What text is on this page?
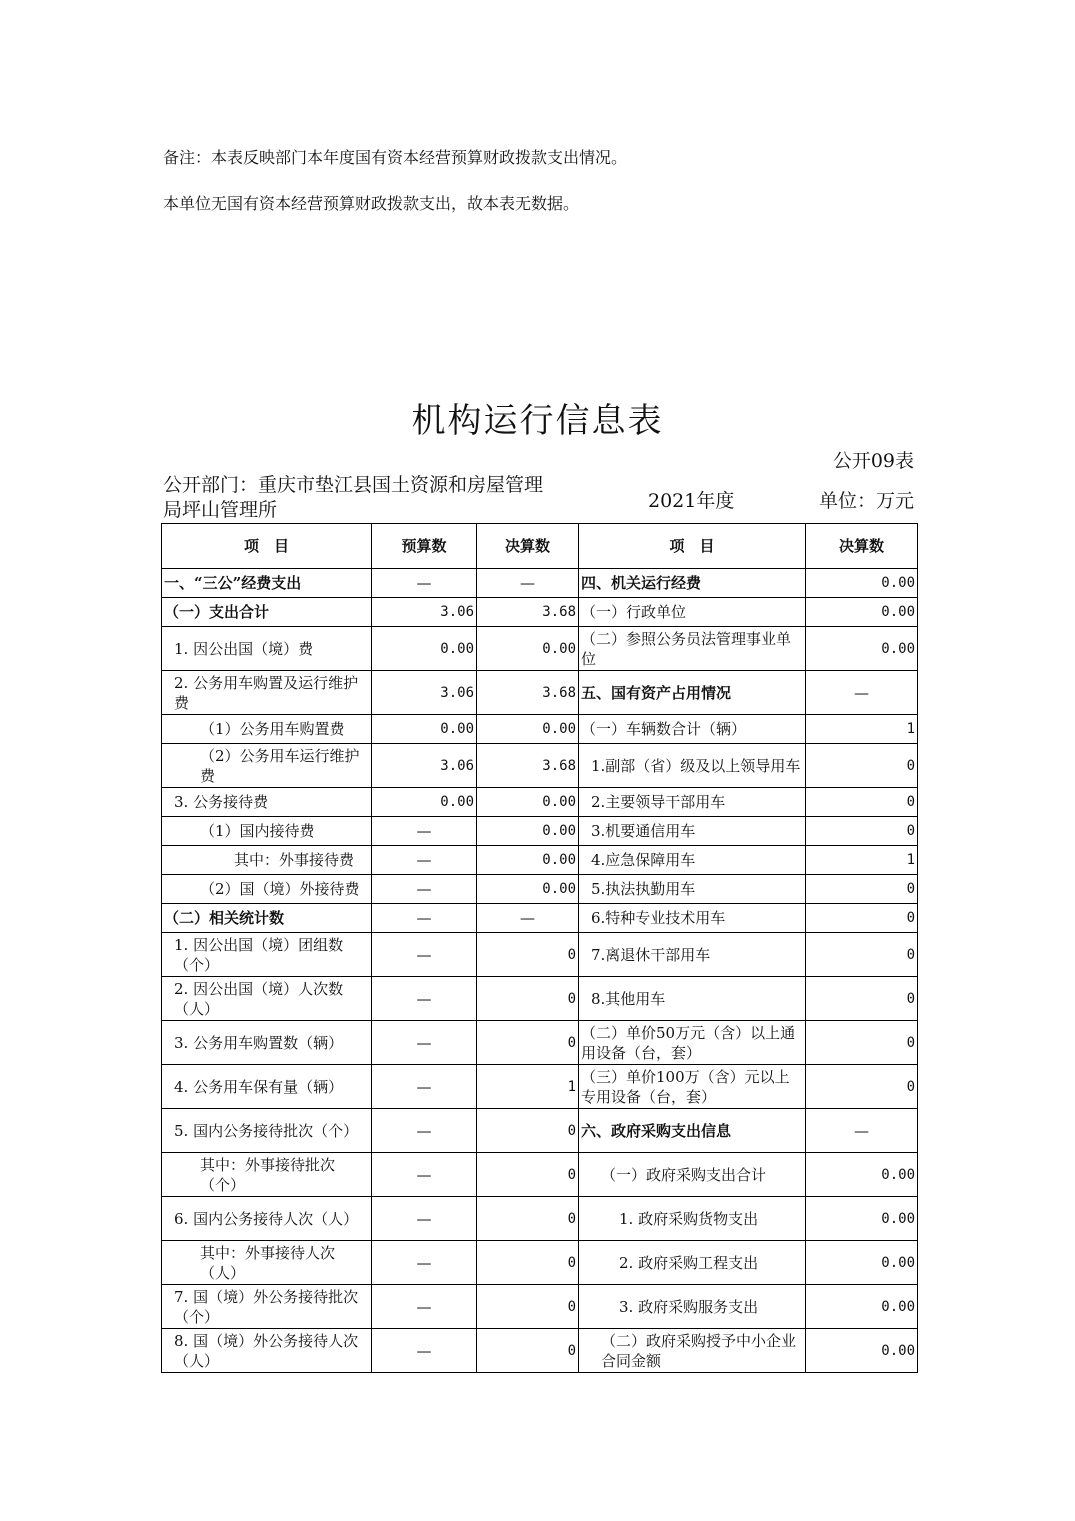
备注：本表反映部门本年度国有资本经营预算财政拨款支出情况。
本单位无国有资本经营预算财政拨款支出，故本表无数据。
机构运行信息表
公开09表
公开部门：重庆市垫江县国土资源和房屋管理局坪山管理所	2021年度	单位：万元
项　目	预算数	决算数	项　目	决算数
一、“三公”经费支出	—	—	四、机关运行经费	0.00
（一）支出合计	3.06	3.68	（一）行政单位	0.00
1. 因公出国（境）费	0.00	0.00	（二）参照公务员法管理事业单位	0.00
2. 公务用车购置及运行维护费	3.06	3.68	五、国有资产占用情况	—
（1）公务用车购置费	0.00	0.00	（一）车辆数合计（辆）	1
（2）公务用车运行维护费	3.06	3.68	1.副部（省）级及以上领导用车	0
3. 公务接待费	0.00	0.00	2.主要领导干部用车	0
（1）国内接待费	—	0.00	3.机要通信用车	0
其中：外事接待费	—	0.00	4.应急保障用车	1
（2）国（境）外接待费	—	0.00	5.执法执勤用车	0
（二）相关统计数	—	—	6.特种专业技术用车	0
1. 因公出国（境）团组数（个）	—	0	7.离退休干部用车	0
2. 因公出国（境）人次数（人）	—	0	8.其他用车	0
3. 公务用车购置数（辆）	—	0	（二）单价50万元（含）以上通用设备（台，套）	0
4. 公务用车保有量（辆）	—	1	（三）单价100万（含）元以上专用设备（台，套）	0
5. 国内公务接待批次（个）	—	0	六、政府采购支出信息	—
其中：外事接待批次（个）	—	0	（一）政府采购支出合计	0.00
6. 国内公务接待人次（人）	—	0	1. 政府采购货物支出	0.00
其中：外事接待人次（人）	—	0	2. 政府采购工程支出	0.00
7. 国（境）外公务接待批次（个）	—	0	3. 政府采购服务支出	0.00
8. 国（境）外公务接待人次（人）	—	0	（二）政府采购授予中小企业合同金额	0.00
